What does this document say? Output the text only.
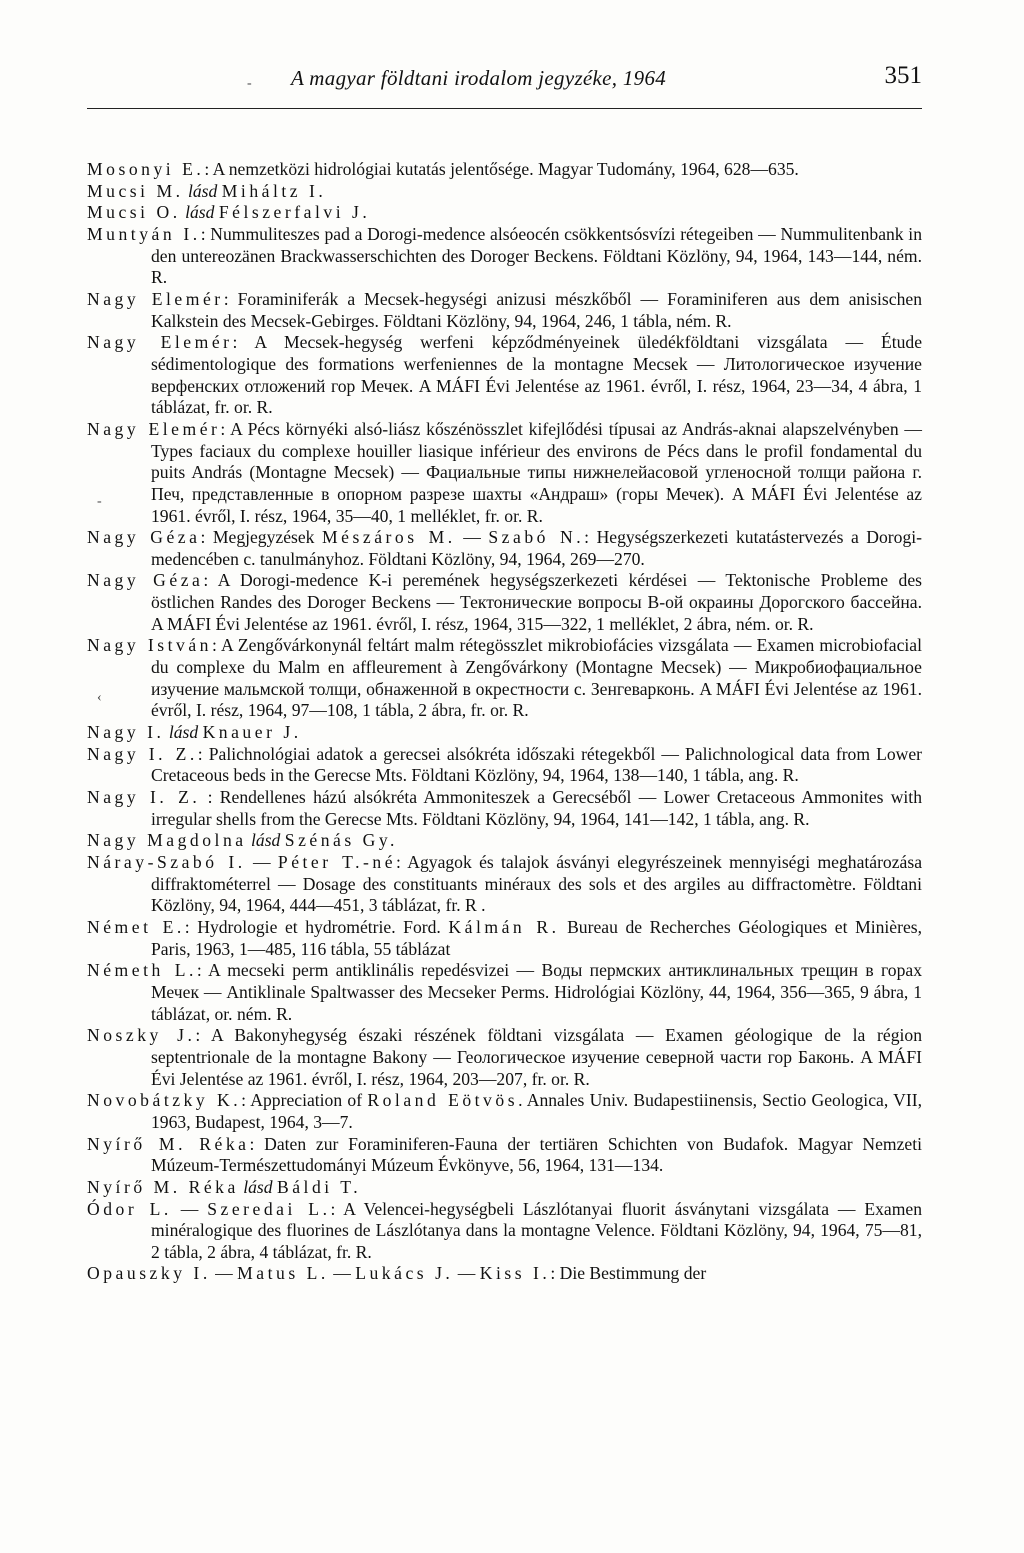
A magyar földtani irodalom jegyzéke, 1964	351
-
-
‹

Mosonyi E.: A nemzetközi hidrológiai kutatás jelentősége. Magyar Tudomány, 1964, 628—635.

Mucsi M. lásd Miháltz I.

Mucsi O. lásd Félszerfalvi J.

Muntyán I.: Nummuliteszes pad a Dorogi-medence alsóeocén csökkentsósvízi rétegeiben — Nummulitenbank in den untereozänen Brackwasserschichten des Doroger Beckens. Földtani Közlöny, 94, 1964, 143—144, ném. R.

Nagy Elemér: Foraminiferák a Mecsek-hegységi anizusi mészkőből — Foraminiferen aus dem anisischen Kalkstein des Mecsek-Gebirges. Földtani Közlöny, 94, 1964, 246, 1 tábla, ném. R.

Nagy Elemér: A Mecsek-hegység werfeni képződményeinek üledékföldtani vizsgálata — Étude sédimentologique des formations werfeniennes de la montagne Mecsek — Литологическое изучение верфенских отложений гор Мечек. A MÁFI Évi Jelentése az 1961. évről, I. rész, 1964, 23—34, 4 ábra, 1 táblázat, fr. or. R.

Nagy Elemér: A Pécs környéki alsó-liász kőszénösszlet kifejlődési típusai az András-aknai alapszelvényben — Types faciaux du complexe houiller liasique inférieur des environs de Pécs dans le profil fondamental du puits András (Montagne Mecsek) — Фациальные типы нижнелейасовой угленосной толщи района г. Печ, представленные в опорном разрезе шахты «Андраш» (горы Мечек). A MÁFI Évi Jelentése az 1961. évről, I. rész, 1964, 35—40, 1 melléklet, fr. or. R.

Nagy Géza: Megjegyzések Mészáros M. — Szabó N.: Hegységszerkezeti kutatástervezés a Dorogi-medencében c. tanulmányhoz. Földtani Közlöny, 94, 1964, 269—270.

Nagy Géza: A Dorogi-medence K-i peremének hegységszerkezeti kérdései — Tektonische Probleme des östlichen Randes des Doroger Beckens — Тектонические вопросы В-ой окраины Дорогского бассейна. A MÁFI Évi Jelentése az 1961. évről, I. rész, 1964, 315—322, 1 melléklet, 2 ábra, ném. or. R.

Nagy István: A Zengővárkonynál feltárt malm rétegösszlet mikrobiofácies vizsgálata — Examen microbiofacial du complexe du Malm en affleurement à Zengővárkony (Montagne Mecsek) — Микробиофациальное изучение мальмской толщи, обнаженной в окрестности с. Зенгеварконь. A MÁFI Évi Jelentése az 1961. évről, I. rész, 1964, 97—108, 1 tábla, 2 ábra, fr. or. R.

Nagy I. lásd Knauer J.

Nagy I. Z.: Palichnológiai adatok a gerecsei alsókréta időszaki rétegekből — Palichnological data from Lower Cretaceous beds in the Gerecse Mts. Földtani Közlöny, 94, 1964, 138—140, 1 tábla, ang. R.

Nagy I. Z. : Rendellenes házú alsókréta Ammoniteszek a Gerecséből — Lower Cretaceous Ammonites with irregular shells from the Gerecse Mts. Földtani Közlöny, 94, 1964, 141—142, 1 tábla, ang. R.

Nagy Magdolna lásd Szénás Gy.

Náray-Szabó I. — Péter T.-né: Agyagok és talajok ásványi elegyrészeinek mennyiségi meghatározása diffraktométerrel — Dosage des constituants minéraux des sols et des argiles au diffractomètre. Földtani Közlöny, 94, 1964, 444—451, 3 táblázat, fr. R .

Német E.: Hydrologie et hydrométrie. Ford. Kálmán R. Bureau de Recherches Géologiques et Minières, Paris, 1963, 1—485, 116 tábla, 55 táblázat

Németh L.: A mecseki perm antiklinális repedésvizei — Воды пермских антиклинальных трещин в горах Мечек — Antiklinale Spaltwasser des Mecseker Perms. Hidrológiai Közlöny, 44, 1964, 356—365, 9 ábra, 1 táblázat, or. ném. R.

Noszky J.: A Bakonyhegység északi részének földtani vizsgálata — Examen géologique de la région septentrionale de la montagne Bakony — Геологическое изучение северной части гор Баконь. A MÁFI Évi Jelentése az 1961. évről, I. rész, 1964, 203—207, fr. or. R.

Novobátzky K.: Appreciation of Roland Eötvös. Annales Univ. Budapestiinensis, Sectio Geologica, VII, 1963, Budapest, 1964, 3—7.

Nyírő M. Réka: Daten zur Foraminiferen-Fauna der tertiären Schichten von Budafok. Magyar Nemzeti Múzeum-Természettudományi Múzeum Évkönyve, 56, 1964, 131—134.

Nyírő M. Réka lásd Báldi T.

Ódor L. — Szeredai L.: A Velencei-hegységbeli Lászlótanyai fluorit ásványtani vizsgálata — Examen minéralogique des fluorines de Lászlótanya dans la montagne Velence. Földtani Közlöny, 94, 1964, 75—81, 2 tábla, 2 ábra, 4 táblázat, fr. R.

Opauszky I. — Matus L. — Lukács J. — Kiss I.: Die Bestimmung der
